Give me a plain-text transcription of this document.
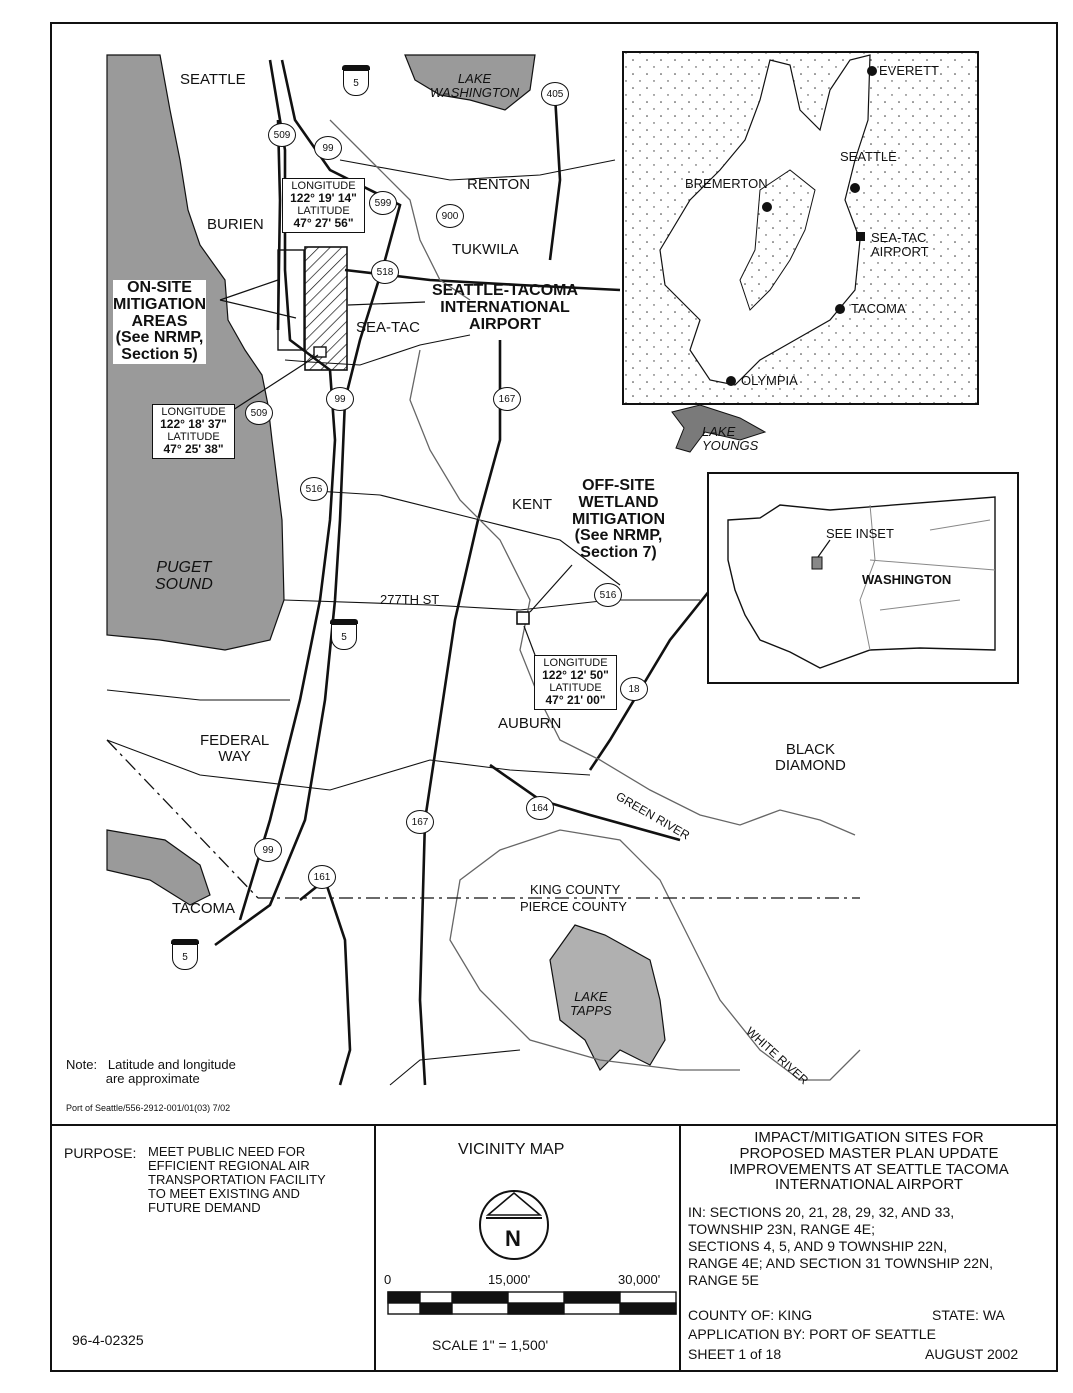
SEATTLE	LAKE
WASHINGTON
RENTON
BURIEN
TUKWILA
SEA-TAC
PUGET
SOUND
KENT
FEDERAL
WAY
AUBURN
BLACK
DIAMOND
TACOMA
LAKE
YOUNGS
LAKE
TAPPS
GREEN RIVER
WHITE RIVER
277TH ST
KING COUNTY
PIERCE COUNTY
ON-SITE
MITIGATION
AREAS
(See NRMP,
Section 5)
SEATTLE-TACOMA
INTERNATIONAL
AIRPORT
OFF-SITE
WETLAND
MITIGATION
(See NRMP,
Section 7)
LONGITUDE
122° 19' 14"
LATITUDE
47° 27' 56"
LONGITUDE
122° 18' 37"
LATITUDE
47° 25' 38"
LONGITUDE
122° 12' 50"
LATITUDE
47° 21' 00"
5
405
509
99
599
900
518
509
99	167
516
516
5
18
164
167
99
161
5
EVERETT
SEATTLE
BREMERTON
SEA-TAC
AIRPORT
TACOMA
OLYMPIA
SEE INSET
WASHINGTON
Note:   Latitude and longitude
are approximate
Port of Seattle/556-2912-001/01(03) 7/02
PURPOSE: MEET PUBLIC NEED FOR
EFFICIENT REGIONAL AIR
TRANSPORTATION FACILITY
TO MEET EXISTING AND
FUTURE DEMAND
96-4-02325
VICINITY MAP
N
0	15,000'	30,000'
SCALE 1" = 1,500'
IMPACT/MITIGATION SITES FOR
PROPOSED MASTER PLAN UPDATE
IMPROVEMENTS AT SEATTLE TACOMA
INTERNATIONAL AIRPORT
IN: SECTIONS 20, 21, 28, 29, 32, AND 33,
TOWNSHIP 23N, RANGE 4E;
SECTIONS 4, 5, AND 9 TOWNSHIP 22N,
RANGE 4E; AND SECTION 31 TOWNSHIP 22N,
RANGE 5E
COUNTY OF: KING	STATE: WA
APPLICATION BY: PORT OF SEATTLE
SHEET 1 of 18	AUGUST 2002
